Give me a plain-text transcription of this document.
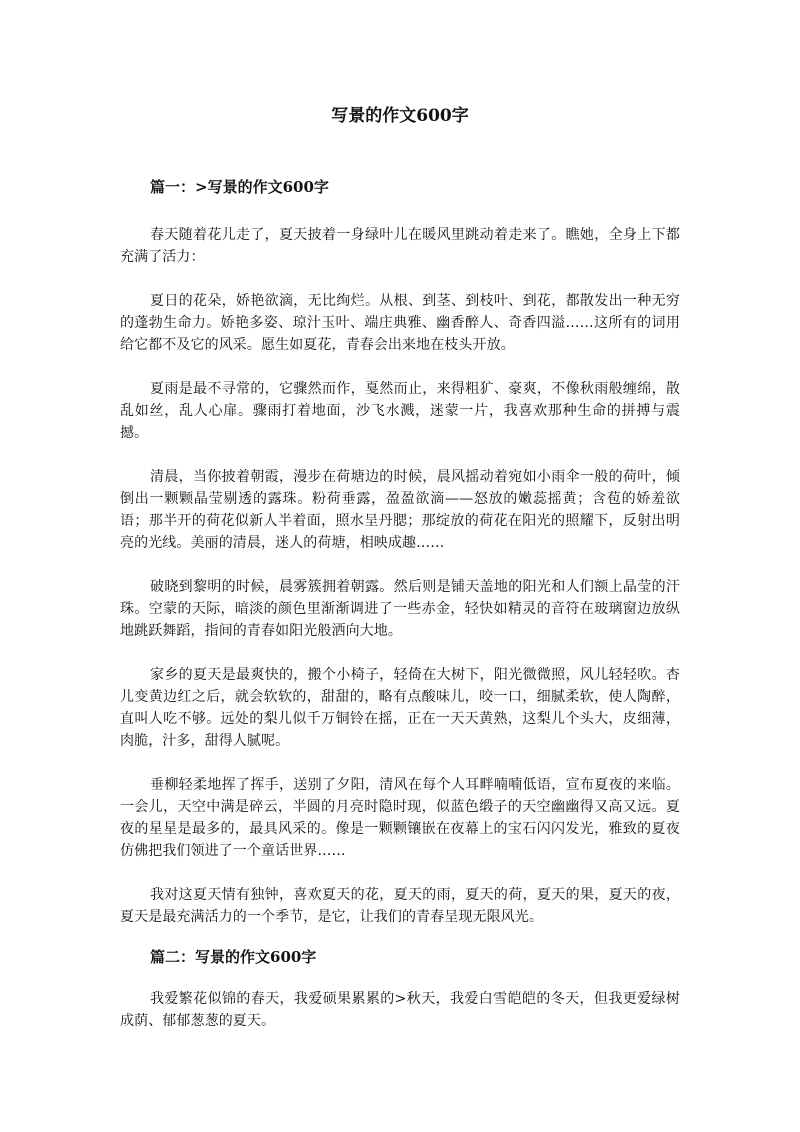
写景的作文600字
篇一：>写景的作文600字

春天随着花儿走了，夏天披着一身绿叶儿在暖风里跳动着走来了。瞧她，全身上下都充满了活力：

夏日的花朵，娇艳欲滴，无比绚烂。从根、到茎、到枝叶、到花，都散发出一种无穷的蓬勃生命力。娇艳多姿、琼汁玉叶、端庄典雅、幽香醉人、奇香四溢……这所有的词用给它都不及它的风采。愿生如夏花，青春会出来地在枝头开放。

夏雨是最不寻常的，它骤然而作，戛然而止，来得粗犷、豪爽，不像秋雨般缠绵，散乱如丝，乱人心扉。骤雨打着地面，沙飞水溅，迷蒙一片，我喜欢那种生命的拼搏与震撼。

清晨，当你披着朝霞，漫步在荷塘边的时候，晨风摇动着宛如小雨伞一般的荷叶，倾倒出一颗颗晶莹剔透的露珠。粉荷垂露，盈盈欲滴——怒放的嫩蕊摇黄；含苞的娇羞欲语；那半开的荷花似新人半着面，照水呈丹腮；那绽放的荷花在阳光的照耀下，反射出明亮的光线。美丽的清晨，迷人的荷塘，相映成趣……

破晓到黎明的时候，晨雾簇拥着朝露。然后则是铺天盖地的阳光和人们额上晶莹的汗珠。空蒙的天际，暗淡的颜色里渐渐调进了一些赤金，轻快如精灵的音符在玻璃窗边放纵地跳跃舞蹈，指间的青春如阳光般洒向大地。

家乡的夏天是最爽快的，搬个小椅子，轻倚在大树下，阳光微微照，风儿轻轻吹。杏儿变黄边红之后，就会软软的，甜甜的，略有点酸味儿，咬一口，细腻柔软，使人陶醉，直叫人吃不够。远处的梨儿似千万铜铃在摇，正在一天天黄熟，这梨儿个头大，皮细薄，肉脆，汁多，甜得人腻呢。

垂柳轻柔地挥了挥手，送别了夕阳，清风在每个人耳畔喃喃低语，宣布夏夜的来临。一会儿，天空中满是碎云，半圆的月亮时隐时现，似蓝色缎子的天空幽幽得又高又远。夏夜的星星是最多的，最具风采的。像是一颗颗镶嵌在夜幕上的宝石闪闪发光，雅致的夏夜仿佛把我们领进了一个童话世界……

我对这夏天情有独钟，喜欢夏天的花，夏天的雨，夏天的荷，夏天的果，夏天的夜，夏天是最充满活力的一个季节，是它，让我们的青春呈现无限风光。

篇二：写景的作文600字

我爱繁花似锦的春天，我爱硕果累累的>秋天，我爱白雪皑皑的冬天，但我更爱绿树成荫、郁郁葱葱的夏天。
